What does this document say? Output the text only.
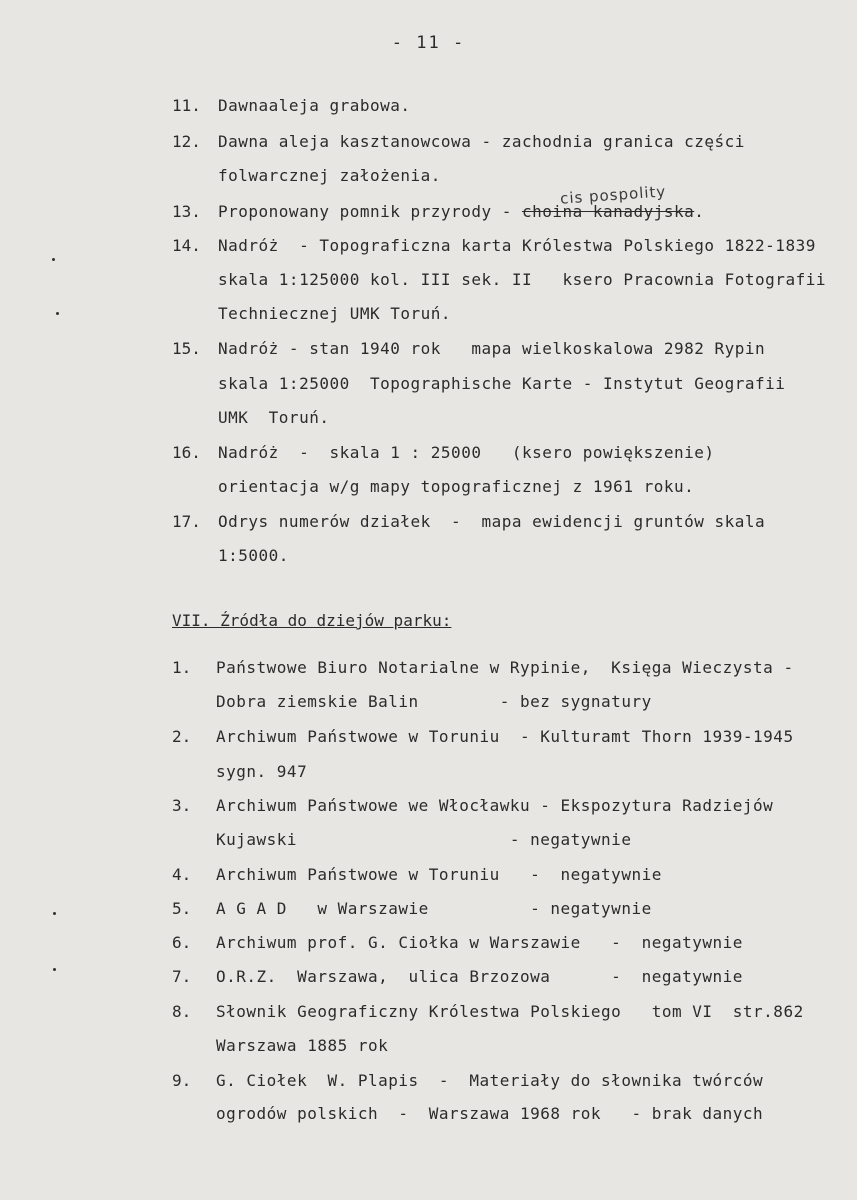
- 11 -
cis pospolity
11. Dawnaaleja grabowa.
12. Dawna aleja kasztanowcowa - zachodnia granica części
folwarcznej założenia.
13. Proponowany pomnik przyrody - choina kanadyjska.
14. Nadróż  - Topograficzna karta Królestwa Polskiego 1822-1839
skala 1:125000 kol. III sek. II   ksero Pracownia Fotografii
Techniecznej UMK Toruń.
15. Nadróż - stan 1940 rok   mapa wielkoskalowa 2982 Rypin
skala 1:25000  Topographische Karte - Instytut Geografii
UMK  Toruń.
16. Nadróż  -  skala 1 : 25000   (ksero powiększenie)
orientacja w/g mapy topograficznej z 1961 roku.
17. Odrys numerów działek  -  mapa ewidencji gruntów skala
1:5000.
VII. Źródła do dziejów parku:
1. Państwowe Biuro Notarialne w Rypinie,  Księga Wieczysta -
Dobra ziemskie Balin        - bez sygnatury
2. Archiwum Państwowe w Toruniu  - Kulturamt Thorn 1939-1945
sygn. 947
3. Archiwum Państwowe we Włocławku - Ekspozytura Radziejów
Kujawski                     - negatywnie
4. Archiwum Państwowe w Toruniu   -  negatywnie
5. A G A D   w Warszawie          - negatywnie
6. Archiwum prof. G. Ciołka w Warszawie   -  negatywnie
7. O.R.Z.  Warszawa,  ulica Brzozowa      -  negatywnie
8. Słownik Geograficzny Królestwa Polskiego   tom VI  str.862
Warszawa 1885 rok
9. G. Ciołek  W. Plapis  -  Materiały do słownika twórców
ogrodów polskich  -  Warszawa 1968 rok   - brak danych
